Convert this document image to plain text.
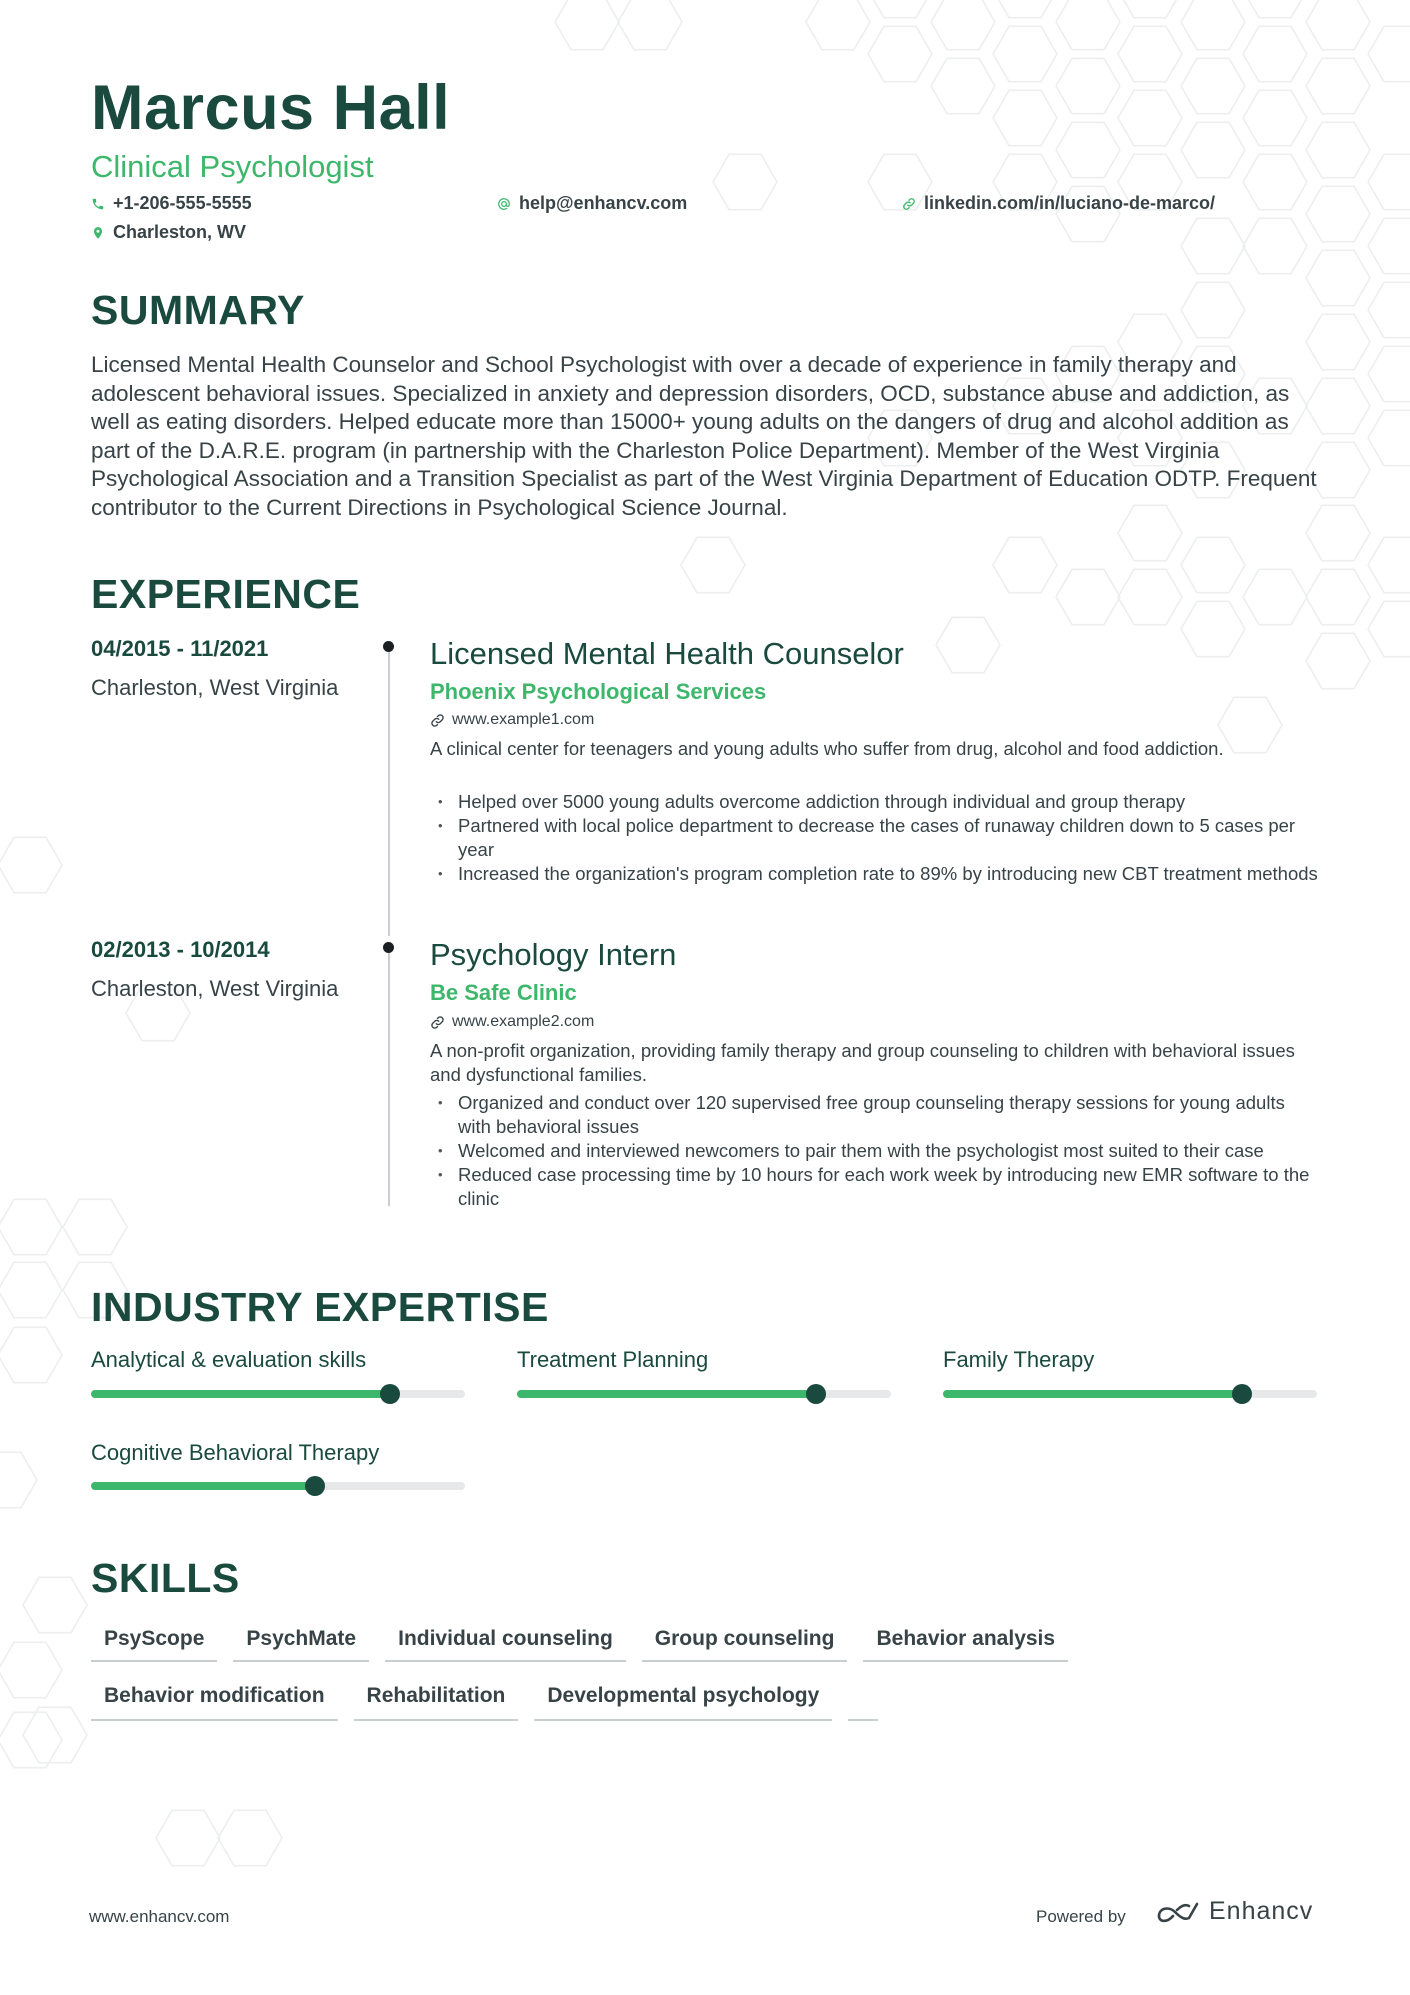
Marcus Hall
Clinical Psychologist
+1-206-555-5555	help@enhancv.com	linkedin.com/in/luciano-de-marco/
Charleston, WV
SUMMARY
Licensed Mental Health Counselor and School Psychologist with over a decade of experience in family therapy and adolescent behavioral issues. Specialized in anxiety and depression disorders, OCD, substance abuse and addiction, as well as eating disorders. Helped educate more than 15000+ young adults on the dangers of drug and alcohol addition as part of the D.A.R.E. program (in partnership with the Charleston Police Department). Member of the West Virginia Psychological Association and a Transition Specialist as part of the West Virginia Department of Education ODTP. Frequent contributor to the Current Directions in Psychological Science Journal.
EXPERIENCE
04/2015 - 11/2021
Charleston, West Virginia
Licensed Mental Health Counselor
Phoenix Psychological Services
www.example1.com
A clinical center for teenagers and young adults who suffer from drug, alcohol and food addiction.
• Helped over 5000 young adults overcome addiction through individual and group therapy
• Partnered with local police department to decrease the cases of runaway children down to 5 cases per year
• Increased the organization's program completion rate to 89% by introducing new CBT treatment methods
02/2013 - 10/2014
Charleston, West Virginia
Psychology Intern
Be Safe Clinic
www.example2.com
A non-profit organization, providing family therapy and group counseling to children with behavioral issues and dysfunctional families.
• Organized and conduct over 120 supervised free group counseling therapy sessions for young adults with behavioral issues
• Welcomed and interviewed newcomers to pair them with the psychologist most suited to their case
• Reduced case processing time by 10 hours for each work week by introducing new EMR software to the clinic
INDUSTRY EXPERTISE
Analytical & evaluation skills	Treatment Planning	Family Therapy
Cognitive Behavioral Therapy
SKILLS
PsyScope	PsychMate	Individual counseling	Group counseling	Behavior analysis
Behavior modification	Rehabilitation	Developmental psychology
www.enhancv.com	Powered by	Enhancv
